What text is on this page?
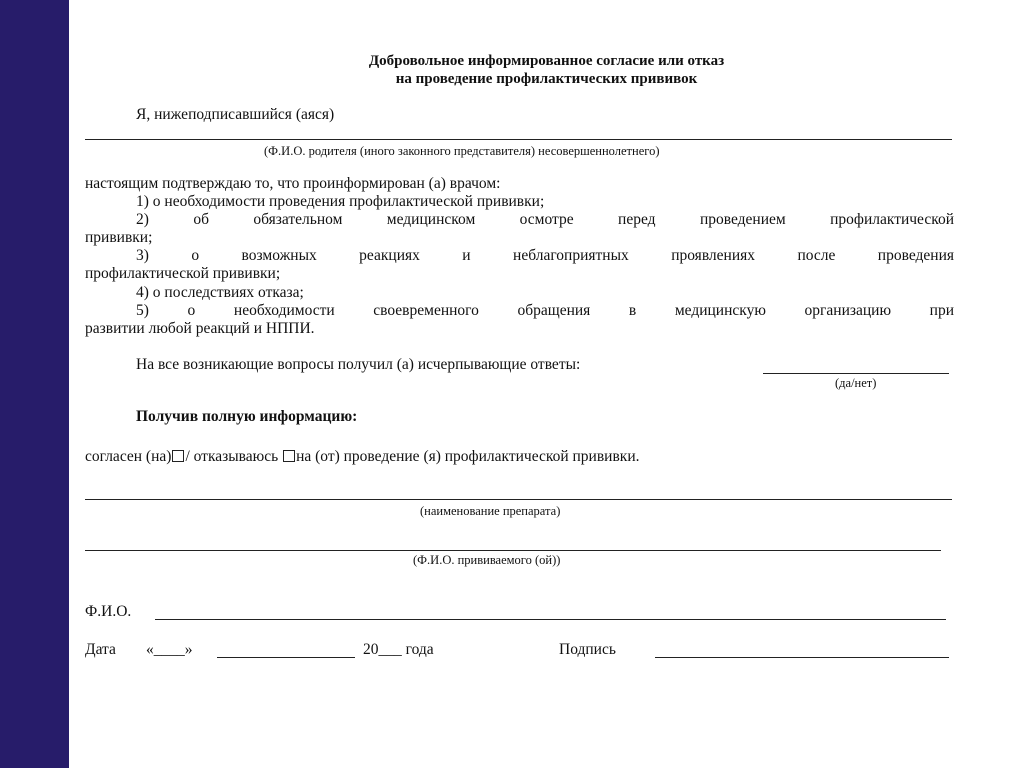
Добровольное информированное согласие или отказ
на проведение профилактических прививок
Я, нижеподписавшийся (аяся)
(Ф.И.О. родителя (иного законного представителя) несовершеннолетнего)
настоящим подтверждаю то, что проинформирован (а) врачом:
1) о необходимости проведения профилактической прививки;
2) об обязательном медицинском осмотре перед проведением профилактической
прививки;
3) о возможных реакциях и неблагоприятных проявлениях после проведения
профилактической прививки;
4) о последствиях отказа;
5) о необходимости своевременного обращения в медицинскую организацию при
развитии любой реакций и НППИ.
На все возникающие вопросы получил (а) исчерпывающие ответы:
(да/нет)
Получив полную информацию:
согласен (на) / отказываюсь на (от) проведение (я) профилактической прививки.
(наименование препарата)
(Ф.И.О. прививаемого (ой))
Ф.И.О.
Дата «____»	20___ года	Подпись
